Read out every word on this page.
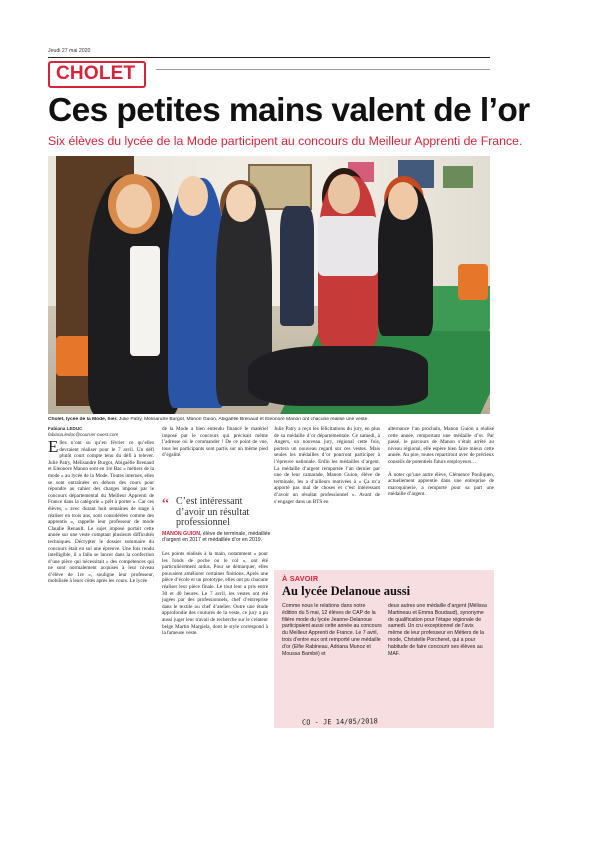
Jeudi 27 mai 2020
CHOLET
Ces petites mains valent de l’or
Six élèves du lycée de la Mode participent au concours du Meilleur Apprenti de France.
Cholet, lycée de la Mode, hier. Julie Patry, Mélisandre Burgot, Manon Guion, Abigaëlle Brenaud et Eleonore Manon ont chacune réalisé une veste.
Fabiana LEDUC
fabiana.leduc@courrier-ouest.com
Elles n’ont su qu’en février ce qu’elles devraient réaliser pour le 7 avril. Un défi plutôt court compte tenu du défi à relever. Julie Patry, Mélisandre Burgot, Abigaëlle Brenaud et Eleonore Manon sont en 1re Bac « métiers de la mode » au lycée de la Mode. Toutes internes, elles se sont entraînées en dehors des cours pour répondre au cahier des charges imposé par le concours départemental du Meilleur Apprenti de France dans la catégorie « prêt à porter ». Car ces élèves, « avec durant huit semaines de stage à réaliser en trois ans, sont considérées comme des apprentis », rappelle leur professeur de mode Claudie Renault. Le sujet imposé portait cette année sur une veste comptant plusieurs difficultés techniques. Décrypter le dossier sommaire du concours était en soi une épreuve. Une fois rendu intelligible, il a fallu se lancer dans la confection d’une pièce qui nécessitait « des compétences qui ne sont normalement acquises à leur niveau d’élève de 1re », souligne leur professeur, mobilisée à leurs côtés après les cours. Le lycée
de la Mode a bien entendu financé le matériel imposé par le concours qui précisait même l’adresse où le commander ! De ce point de vue, tous les participants sont partis sur un même pied d’égalité.
“ C’est intéressant d’avoir un résultat professionnel
MANON GUION, élève de terminale, médaillée d’argent en 2017 et médaillée d’or en 2019.
Les points réalisés à la main, notamment « pour les fonds de poche ou le col », ont été particulièrement ardus. Pour se démarquer, elles pouvaient améliorer certaines finitions. Après une pièce d’école et un prototype, elles ont pu chacune réaliser leur pièce finale. Le tout leur a pris entre 30 et 40 heures. Le 7 avril, les vestes ont été jugées par des professionnels, chef d’entreprise dans le textile ou chef d’atelier. Outre une étude approfondie des coutures de la veste, ce jury a pu aussi juger leur travail de recherche sur le créateur belge Martin Margiela, dont le style correspond à la fameuse veste.
Julie Patry a reçu les félicitations du jury, en plus de sa médaille d’or départementale. Ce samedi, à Angers, un nouveau jury, régional cette fois, portera un nouveau regard sur ces vestes. Mais seules les médailles d’or pourront participer à l’épreuve nationale. Enfin les médailles d’argent. La médaille d’argent remportée l’an dernier par une de leur camarade, Manon Guion, élève de terminale, les a d’ailleurs motivées à « Ça m’a apporté pas mal de choses et c’est intéressant d’avoir un résultat professionnel ». Avant de s’engager dans un BTS en
alternance l’an prochain, Manon Guion a réalisé cette année, remportant une médaille d’or. Par passé, le parcours de Manon s’était arrêté au niveau régional, elle espère bien faire mieux cette année. Au pire, toutes repartiront avec de précieux conseils de potentiels futurs employeurs…
À noter qu’une autre élève, Clémence Pouliquen, actuellement apprentie dans une entreprise de maroquinerie, a remporté pour sa part une médaille d’argent.
À SAVOIR
Au lycée Delanoue aussi
Comme nous le relations dans notre édition du 5 mai, 12 élèves de CAP de la filière mode du lycée Jeanne-Delanoue participaient aussi cette année au concours du Meilleur Apprenti de France. Le 7 avril, trois d’entre eux ont remporté une médaille d’or (Elfie Rabineau, Adriana Munoz et Moussa Bambé) et
deux autres une médaille d’argent (Mélissa Martineau et Emma Boudaud), synonyme de qualification pour l’étape régionale de samedi. Un cru exceptionnel de l’avis même de leur professeur en Métiers de la mode, Christelle Porcheret, qui a pour habitude de faire concourir ses élèves au MAF.
CO - JE 14/05/2018
